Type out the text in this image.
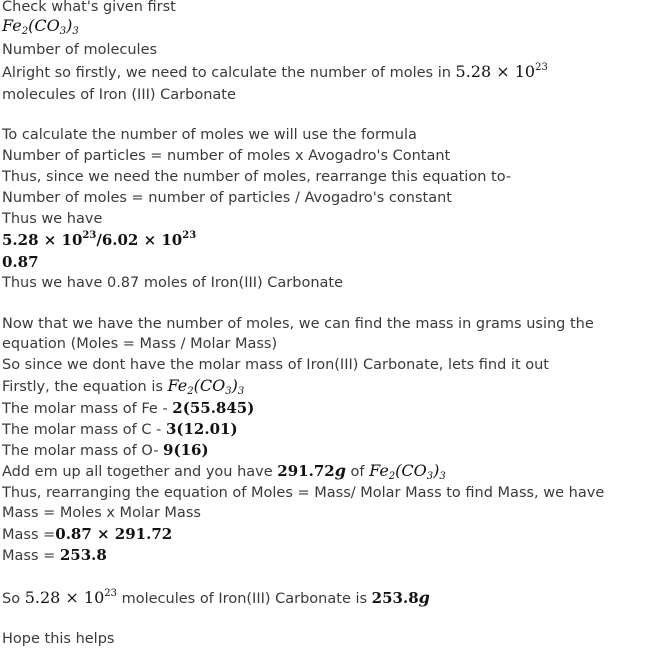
Check what's given first
$Fe_2(CO_3)_3$
Number of molecules
Alright so firstly, we need to calculate the number of moles in $5.28 \times 10^{23}$
molecules of Iron (III) Carbonate
To calculate the number of moles we will use the formula
Number of particles = number of moles x Avogadro's Contant
Thus, since we need the number of moles, rearrange this equation to-
Number of moles = number of particles / Avogadro's constant
Thus we have
$5.28 \times 10^{23}/6.02 \times 10^{23}$
0.87
Thus we have 0.87 moles of Iron(III) Carbonate
Now that we have the number of moles, we can find the mass in grams using the
equation (Moles = Mass / Molar Mass)
So since we dont have the molar mass of Iron(III) Carbonate, lets find it out
Firstly, the equation is $Fe_2(CO_3)_3$
The molar mass of Fe - 2(55.845)
The molar mass of C - 3(12.01)
The molar mass of O- 9(16)
Add em up all together and you have 291.72g of $Fe_2(CO_3)_3$
Thus, rearranging the equation of Moles = Mass/ Molar Mass to find Mass, we have
Mass = Moles x Molar Mass
Mass =0.87 × 291.72
Mass = 253.8
So $5.28 \times 10^{23}$ molecules of Iron(III) Carbonate is 253.8g
Hope this helps
